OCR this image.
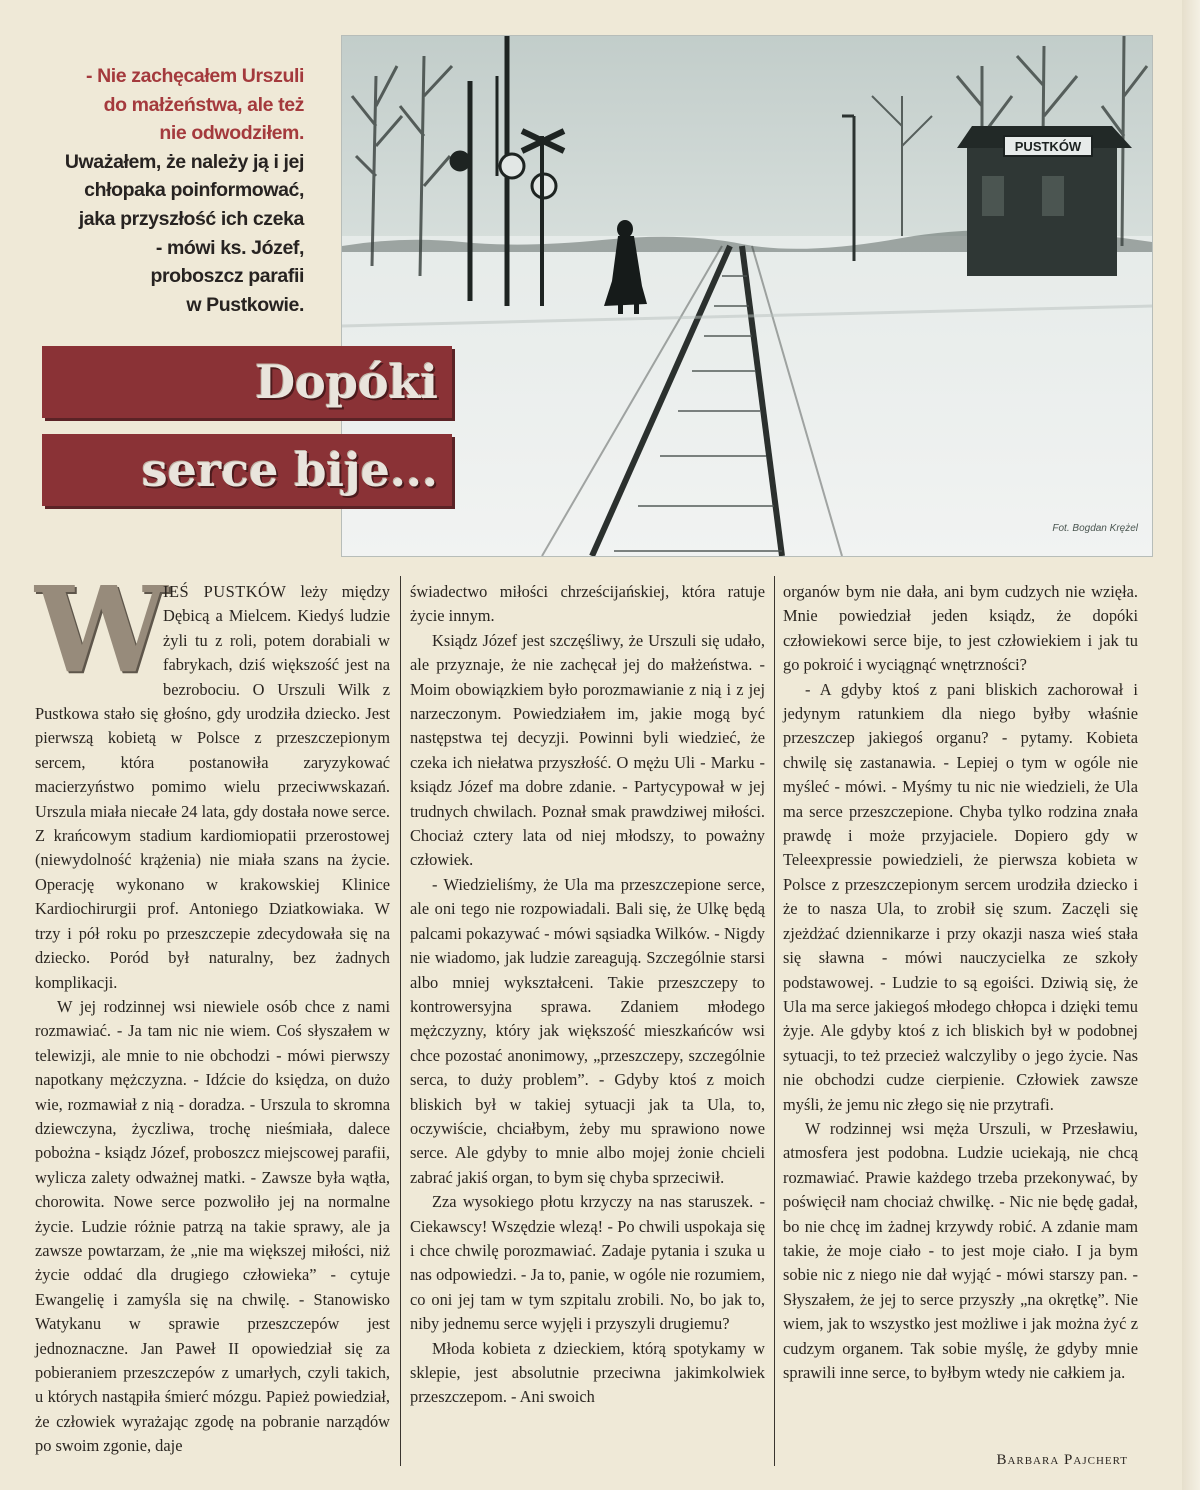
- Nie zachęcałem Urszuli
do małżeństwa, ale też
nie odwodziłem.
Uważałem, że należy ją i jej
chłopaka poinformować,
jaka przyszłość ich czeka
- mówi ks. Józef,
proboszcz parafii
w Pustkowie.
PUSTKÓW
Fot. Bogdan Krężel
Dopóki
serce bije...

W
IEŚ PUSTKÓW leży między Dębicą a Mielcem. Kiedyś ludzie żyli tu z roli, potem dorabiali w fabrykach, dziś większość jest na bezrobociu. O Urszuli Wilk z Pustkowa stało się głośno, gdy urodziła dziecko. Jest pierwszą kobietą w Polsce z przeszczepionym sercem, która postanowiła zaryzykować macierzyństwo pomimo wielu przeciwwskazań. Urszula miała niecałe 24 lata, gdy dostała nowe serce. Z krańcowym stadium kardiomiopatii przerostowej (niewydolność krążenia) nie miała szans na życie. Operację wykonano w krakowskiej Klinice Kardiochirurgii prof. Antoniego Dziatkowiaka. W trzy i pół roku po przeszczepie zdecydowała się na dziecko. Poród był naturalny, bez żadnych komplikacji.

W jej rodzinnej wsi niewiele osób chce z nami rozmawiać. - Ja tam nic nie wiem. Coś słyszałem w telewizji, ale mnie to nie obchodzi - mówi pierwszy napotkany mężczyzna. - Idźcie do księdza, on dużo wie, rozmawiał z nią - doradza. - Urszula to skromna dziewczyna, życzliwa, trochę nieśmiała, dalece pobożna - ksiądz Józef, proboszcz miejscowej parafii, wylicza zalety odważnej matki. - Zawsze była wątła, chorowita. Nowe serce pozwoliło jej na normalne życie. Ludzie różnie patrzą na takie sprawy, ale ja zawsze powtarzam, że „nie ma większej miłości, niż życie oddać dla drugiego człowieka” - cytuje Ewangelię i zamyśla się na chwilę. - Stanowisko Watykanu w sprawie przeszczepów jest jednoznaczne. Jan Paweł II opowiedział się za pobieraniem przeszczepów z umarłych, czyli takich, u których nastąpiła śmierć mózgu. Papież powiedział, że człowiek wyrażając zgodę na pobranie narządów po swoim zgonie, daje

świadectwo miłości chrześcijańskiej, która ratuje życie innym.

Ksiądz Józef jest szczęśliwy, że Urszuli się udało, ale przyznaje, że nie zachęcał jej do małżeństwa. - Moim obowiązkiem było porozmawianie z nią i z jej narzeczonym. Powiedziałem im, jakie mogą być następstwa tej decyzji. Powinni byli wiedzieć, że czeka ich niełatwa przyszłość. O mężu Uli - Marku - ksiądz Józef ma dobre zdanie. - Partycypował w jej trudnych chwilach. Poznał smak prawdziwej miłości. Chociaż cztery lata od niej młodszy, to poważny człowiek.

- Wiedzieliśmy, że Ula ma przeszczepione serce, ale oni tego nie rozpowiadali. Bali się, że Ulkę będą palcami pokazywać - mówi sąsiadka Wilków. - Nigdy nie wiadomo, jak ludzie zareagują. Szczególnie starsi albo mniej wykształceni. Takie przeszczepy to kontrowersyjna sprawa. Zdaniem młodego mężczyzny, który jak większość mieszkańców wsi chce pozostać anonimowy, „przeszczepy, szczególnie serca, to duży problem”. - Gdyby ktoś z moich bliskich był w takiej sytuacji jak ta Ula, to, oczywiście, chciałbym, żeby mu sprawiono nowe serce. Ale gdyby to mnie albo mojej żonie chcieli zabrać jakiś organ, to bym się chyba sprzeciwił.

Zza wysokiego płotu krzyczy na nas staruszek. - Ciekawscy! Wszędzie wlezą! - Po chwili uspokaja się i chce chwilę porozmawiać. Zadaje pytania i szuka u nas odpowiedzi. - Ja to, panie, w ogóle nie rozumiem, co oni jej tam w tym szpitalu zrobili. No, bo jak to, niby jednemu serce wyjęli i przyszyli drugiemu?

Młoda kobieta z dzieckiem, którą spotykamy w sklepie, jest absolutnie przeciwna jakimkolwiek przeszczepom. - Ani swoich

organów bym nie dała, ani bym cudzych nie wzięła. Mnie powiedział jeden ksiądz, że dopóki człowiekowi serce bije, to jest człowiekiem i jak tu go pokroić i wyciągnąć wnętrzności?

- A gdyby ktoś z pani bliskich zachorował i jedynym ratunkiem dla niego byłby właśnie przeszczep jakiegoś organu? - pytamy. Kobieta chwilę się zastanawia. - Lepiej o tym w ogóle nie myśleć - mówi. - Myśmy tu nic nie wiedzieli, że Ula ma serce przeszczepione. Chyba tylko rodzina znała prawdę i może przyjaciele. Dopiero gdy w Teleexpressie powiedzieli, że pierwsza kobieta w Polsce z przeszczepionym sercem urodziła dziecko i że to nasza Ula, to zrobił się szum. Zaczęli się zjeżdżać dziennikarze i przy okazji nasza wieś stała się sławna - mówi nauczycielka ze szkoły podstawowej. - Ludzie to są egoiści. Dziwią się, że Ula ma serce jakiegoś młodego chłopca i dzięki temu żyje. Ale gdyby ktoś z ich bliskich był w podobnej sytuacji, to też przecież walczyliby o jego życie. Nas nie obchodzi cudze cierpienie. Człowiek zawsze myśli, że jemu nic złego się nie przytrafi.

W rodzinnej wsi męża Urszuli, w Przesławiu, atmosfera jest podobna. Ludzie uciekają, nie chcą rozmawiać. Prawie każdego trzeba przekonywać, by poświęcił nam chociaż chwilkę. - Nic nie będę gadał, bo nie chcę im żadnej krzywdy robić. A zdanie mam takie, że moje ciało - to jest moje ciało. I ja bym sobie nic z niego nie dał wyjąć - mówi starszy pan. - Słyszałem, że jej to serce przyszły „na okrętkę”. Nie wiem, jak to wszystko jest możliwe i jak można żyć z cudzym organem. Tak sobie myślę, że gdyby mnie sprawili inne serce, to byłbym wtedy nie całkiem ja.

Barbara Pajchert
